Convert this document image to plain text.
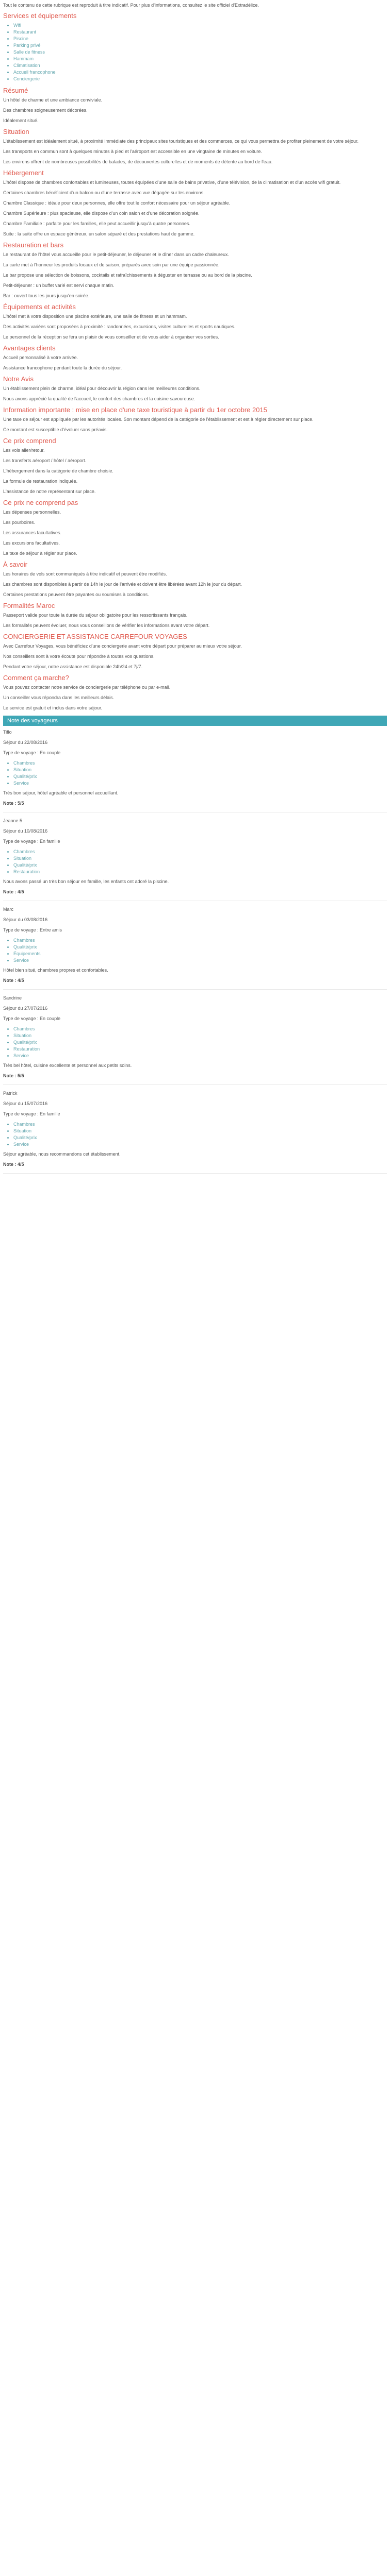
Tout le contenu de cette rubrique est reproduit à titre indicatif. Pour plus d'informations, consultez le site officiel d'Extradélice.

Services et équipements
• Wifi
• Restaurant
• Piscine
• Parking privé
• Salle de fitness
• Hammam
• Climatisation
• Accueil francophone
• Conciergerie
Résumé

Un hôtel de charme et une ambiance conviviale.

Des chambres soigneusement décorées.

Idéalement situé.

Situation

L'établissement est idéalement situé, à proximité immédiate des principaux sites touristiques et des commerces, ce qui vous permettra de profiter pleinement de votre séjour.

Les transports en commun sont à quelques minutes à pied et l'aéroport est accessible en une vingtaine de minutes en voiture.

Les environs offrent de nombreuses possibilités de balades, de découvertes culturelles et de moments de détente au bord de l'eau.

Hébergement

L'hôtel dispose de chambres confortables et lumineuses, toutes équipées d'une salle de bains privative, d'une télévision, de la climatisation et d'un accès wifi gratuit.

Certaines chambres bénéficient d'un balcon ou d'une terrasse avec vue dégagée sur les environs.

Chambre Classique : idéale pour deux personnes, elle offre tout le confort nécessaire pour un séjour agréable.

Chambre Supérieure : plus spacieuse, elle dispose d'un coin salon et d'une décoration soignée.

Chambre Familiale : parfaite pour les familles, elle peut accueillir jusqu'à quatre personnes.

Suite : la suite offre un espace généreux, un salon séparé et des prestations haut de gamme.

Restauration et bars

Le restaurant de l'hôtel vous accueille pour le petit-déjeuner, le déjeuner et le dîner dans un cadre chaleureux.

La carte met à l'honneur les produits locaux et de saison, préparés avec soin par une équipe passionnée.

Le bar propose une sélection de boissons, cocktails et rafraîchissements à déguster en terrasse ou au bord de la piscine.

Petit-déjeuner : un buffet varié est servi chaque matin.

Bar : ouvert tous les jours jusqu'en soirée.

Équipements et activités

L'hôtel met à votre disposition une piscine extérieure, une salle de fitness et un hammam.

Des activités variées sont proposées à proximité : randonnées, excursions, visites culturelles et sports nautiques.

Le personnel de la réception se fera un plaisir de vous conseiller et de vous aider à organiser vos sorties.

Avantages clients

Accueil personnalisé à votre arrivée.

Assistance francophone pendant toute la durée du séjour.

Notre Avis

Un établissement plein de charme, idéal pour découvrir la région dans les meilleures conditions.

Nous avons apprécié la qualité de l'accueil, le confort des chambres et la cuisine savoureuse.

Information importante : mise en place d'une taxe touristique à partir du 1er octobre 2015

Une taxe de séjour est appliquée par les autorités locales. Son montant dépend de la catégorie de l'établissement et est à régler directement sur place.

Ce montant est susceptible d'évoluer sans préavis.

Ce prix comprend

Les vols aller/retour.

Les transferts aéroport / hôtel / aéroport.

L'hébergement dans la catégorie de chambre choisie.

La formule de restauration indiquée.

L'assistance de notre représentant sur place.

Ce prix ne comprend pas

Les dépenses personnelles.

Les pourboires.

Les assurances facultatives.

Les excursions facultatives.

La taxe de séjour à régler sur place.

À savoir

Les horaires de vols sont communiqués à titre indicatif et peuvent être modifiés.

Les chambres sont disponibles à partir de 14h le jour de l'arrivée et doivent être libérées avant 12h le jour du départ.

Certaines prestations peuvent être payantes ou soumises à conditions.

Formalités Maroc

Passeport valide pour toute la durée du séjour obligatoire pour les ressortissants français.

Les formalités peuvent évoluer, nous vous conseillons de vérifier les informations avant votre départ.

CONCIERGERIE ET ASSISTANCE CARREFOUR VOYAGES

Avec Carrefour Voyages, vous bénéficiez d'une conciergerie avant votre départ pour préparer au mieux votre séjour.

Nos conseillers sont à votre écoute pour répondre à toutes vos questions.

Pendant votre séjour, notre assistance est disponible 24h/24 et 7j/7.

Comment ça marche?

Vous pouvez contacter notre service de conciergerie par téléphone ou par e-mail.

Un conseiller vous répondra dans les meilleurs délais.

Le service est gratuit et inclus dans votre séjour.

Note des voyageurs

Tiflo

Séjour du 22/08/2016

Type de voyage : En couple

• Chambres
• Situation
• Qualité/prix
• Service

Très bon séjour, hôtel agréable et personnel accueillant.

Note : 5/5

Jeanne 5

Séjour du 10/08/2016

Type de voyage : En famille

• Chambres
• Situation
• Qualité/prix
• Restauration

Nous avons passé un très bon séjour en famille, les enfants ont adoré la piscine.

Note : 4/5

Marc

Séjour du 03/08/2016

Type de voyage : Entre amis

• Chambres
• Qualité/prix
• Équipements
• Service

Hôtel bien situé, chambres propres et confortables.

Note : 4/5

Sandrine

Séjour du 27/07/2016

Type de voyage : En couple

• Chambres
• Situation
• Qualité/prix
• Restauration
• Service

Très bel hôtel, cuisine excellente et personnel aux petits soins.

Note : 5/5

Patrick

Séjour du 15/07/2016

Type de voyage : En famille

• Chambres
• Situation
• Qualité/prix
• Service

Séjour agréable, nous recommandons cet établissement.

Note : 4/5
